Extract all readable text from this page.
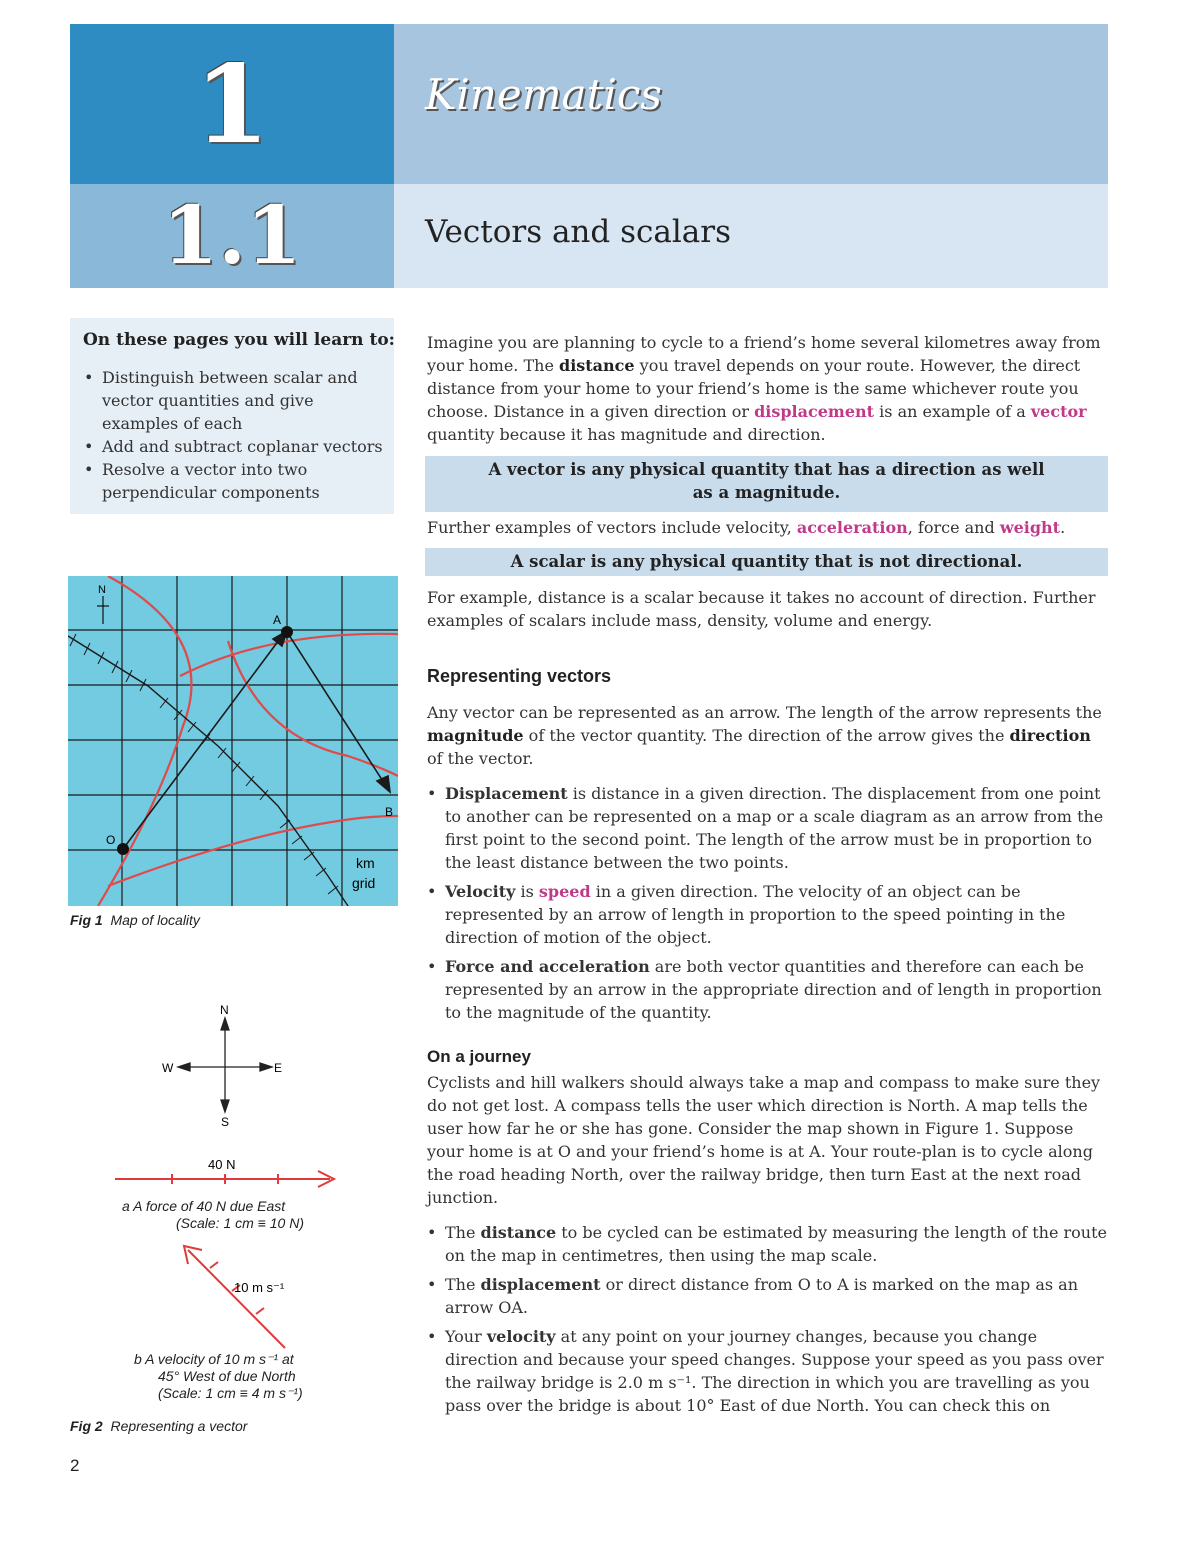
1
1.1
Kinematics
Vectors and scalars
On these pages you will learn to:
• Distinguish between scalar and vector quantities and give examples of each
• Add and subtract coplanar vectors
• Resolve a vector into two perpendicular components
N
A
B
O
km
grid
Fig 1 Map of locality
N
S
E
W
40 N
10 m s⁻¹
a A force of 40 N due East
(Scale: 1 cm ≡ 10 N)
b A velocity of 10 m s⁻¹ at
45° West of due North
(Scale: 1 cm ≡ 4 m s⁻¹)
Fig 2 Representing a vector
Imagine you are planning to cycle to a friend’s home several kilometres away from your home. The distance you travel depends on your route. However, the direct distance from your home to your friend’s home is the same whichever route you choose. Distance in a given direction or displacement is an example of a vector quantity because it has magnitude and direction.
A vector is any physical quantity that has a direction as well as a magnitude.
Further examples of vectors include velocity, acceleration, force and weight.
A scalar is any physical quantity that is not directional.
For example, distance is a scalar because it takes no account of direction. Further examples of scalars include mass, density, volume and energy.
Representing vectors
Any vector can be represented as an arrow. The length of the arrow represents the magnitude of the vector quantity. The direction of the arrow gives the direction of the vector.
• Displacement is distance in a given direction. The displacement from one point to another can be represented on a map or a scale diagram as an arrow from the first point to the second point. The length of the arrow must be in proportion to the least distance between the two points.
• Velocity is speed in a given direction. The velocity of an object can be represented by an arrow of length in proportion to the speed pointing in the direction of motion of the object.
• Force and acceleration are both vector quantities and therefore can each be represented by an arrow in the appropriate direction and of length in proportion to the magnitude of the quantity.
On a journey
Cyclists and hill walkers should always take a map and compass to make sure they do not get lost. A compass tells the user which direction is North. A map tells the user how far he or she has gone. Consider the map shown in Figure 1. Suppose your home is at O and your friend’s home is at A. Your route-plan is to cycle along the road heading North, over the railway bridge, then turn East at the next road junction.
• The distance to be cycled can be estimated by measuring the length of the route on the map in centimetres, then using the map scale.
• The displacement or direct distance from O to A is marked on the map as an arrow OA.
• Your velocity at any point on your journey changes, because you change direction and because your speed changes. Suppose your speed as you pass over the railway bridge is 2.0 m s⁻¹. The direction in which you are travelling as you pass over the bridge is about 10° East of due North. You can check this on
2
